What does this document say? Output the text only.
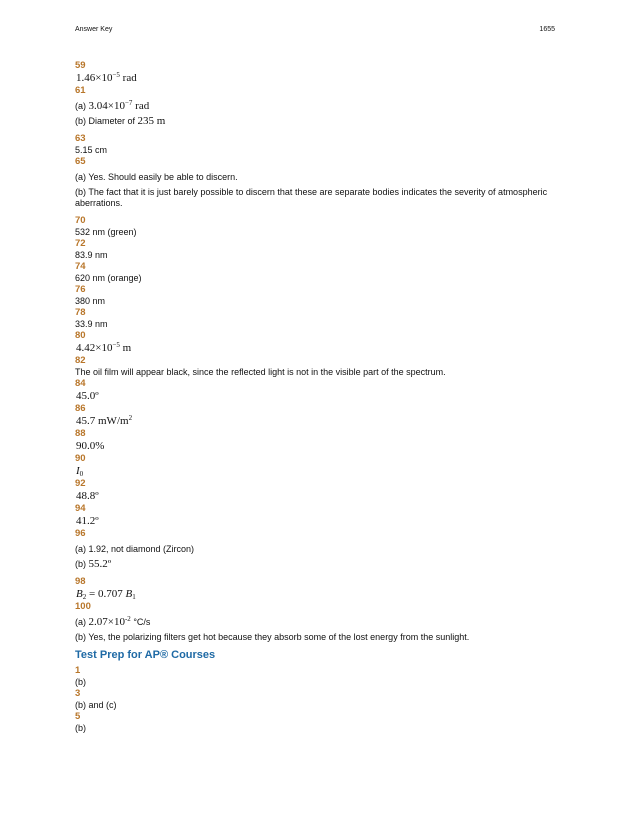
Answer Key	1655
59
$1.46\times 10^{-5}$ rad
61
(a) $3.04\times 10^{-7}$ rad
(b) Diameter of 235 m
63
5.15 cm
65
(a) Yes. Should easily be able to discern.
(b) The fact that it is just barely possible to discern that these are separate bodies indicates the severity of atmospheric aberrations.
70
532 nm (green)
72
83.9 nm
74
620 nm (orange)
76
380 nm
78
33.9 nm
80
$4.42\times 10^{-5}$ m
82
The oil film will appear black, since the reflected light is not in the visible part of the spectrum.
84
45.0º
86
45.7 $mW/m^2$
88
90.0%
90
$I_0$
92
48.8º
94
41.2º
96
(a) 1.92, not diamond (Zircon)
(b) 55.2º
98
$B_2 = 0.707$ $B_1$
100
(a) $2.07\times 10^{-2}$ °C/s
(b) Yes, the polarizing filters get hot because they absorb some of the lost energy from the sunlight.
Test Prep for AP® Courses
1
(b)
3
(b) and (c)
5
(b)
